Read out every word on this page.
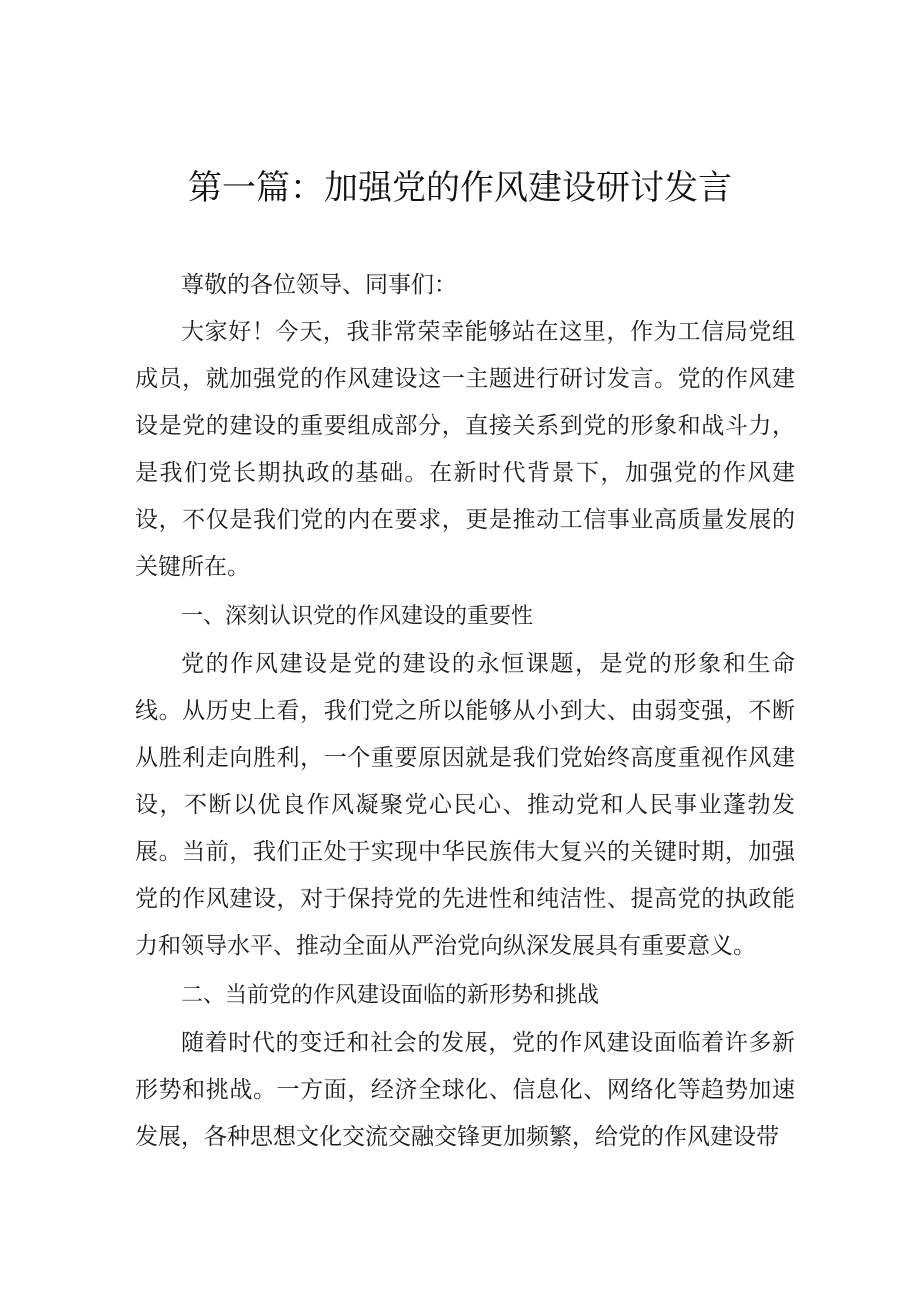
第一篇：加强党的作风建设研讨发言

尊敬的各位领导、同事们：

大家好！今天，我非常荣幸能够站在这里，作为工信局党组成员，就加强党的作风建设这一主题进行研讨发言。党的作风建设是党的建设的重要组成部分，直接关系到党的形象和战斗力，是我们党长期执政的基础。在新时代背景下，加强党的作风建设，不仅是我们党的内在要求，更是推动工信事业高质量发展的关键所在。

一、深刻认识党的作风建设的重要性

党的作风建设是党的建设的永恒课题，是党的形象和生命线。从历史上看，我们党之所以能够从小到大、由弱变强，不断从胜利走向胜利，一个重要原因就是我们党始终高度重视作风建设，不断以优良作风凝聚党心民心、推动党和人民事业蓬勃发展。当前，我们正处于实现中华民族伟大复兴的关键时期，加强党的作风建设，对于保持党的先进性和纯洁性、提高党的执政能力和领导水平、推动全面从严治党向纵深发展具有重要意义。

二、当前党的作风建设面临的新形势和挑战

随着时代的变迁和社会的发展，党的作风建设面临着许多新形势和挑战。一方面，经济全球化、信息化、网络化等趋势加速发展，各种思想文化交流交融交锋更加频繁，给党的作风建设带
